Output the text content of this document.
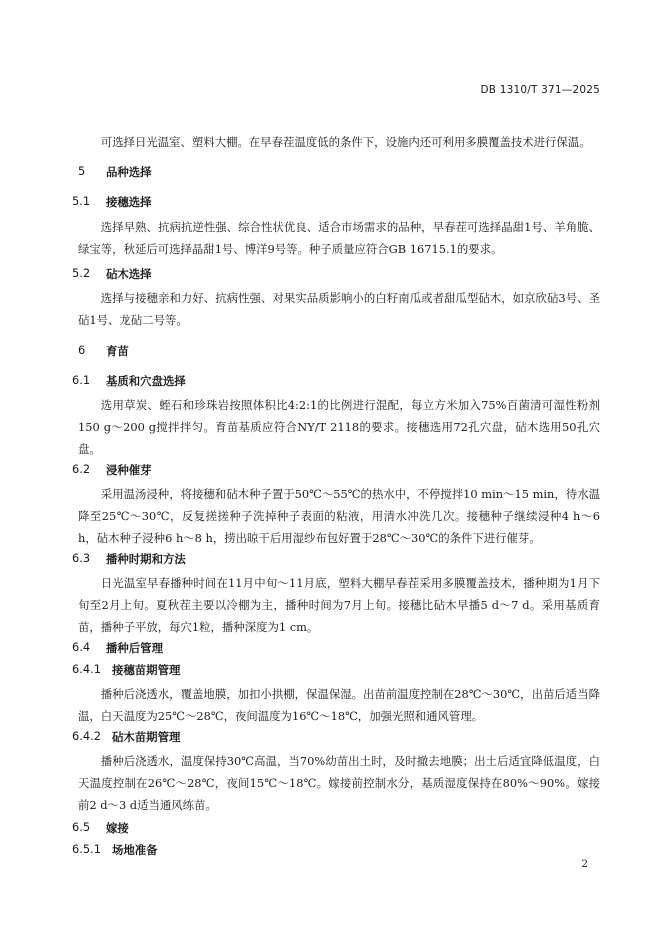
DB 1310/T 371—2025

可选择日光温室、塑料大棚。在早春茬温度低的条件下，设施内还可利用多膜覆盖技术进行保温。

5	品种选择
5.1	接穗选择

选择早熟、抗病抗逆性强、综合性状优良、适合市场需求的品种，早春茬可选择晶甜1号、羊角脆、绿宝等，秋延后可选择晶甜1号、博洋9号等。种子质量应符合GB 16715.1的要求。

5.2	砧木选择

选择与接穗亲和力好、抗病性强、对果实品质影响小的白籽南瓜或者甜瓜型砧木，如京欣砧3号、圣砧1号、龙砧二号等。

6	育苗
6.1	基质和穴盘选择

选用草炭、蛭石和珍珠岩按照体积比4:2:1的比例进行混配，每立方米加入75%百菌清可湿性粉剂150 g～200 g搅拌拌匀。育苗基质应符合NY/T 2118的要求。接穗选用72孔穴盘，砧木选用50孔穴盘。

6.2	浸种催芽

采用温汤浸种，将接穗和砧木种子置于50℃～55℃的热水中，不停搅拌10 min～15 min，待水温降至25℃～30℃，反复搓搓种子洗掉种子表面的粘液，用清水冲洗几次。接穗种子继续浸种4 h～6 h，砧木种子浸种6 h～8 h，捞出晾干后用湿纱布包好置于28℃～30℃的条件下进行催芽。

6.3	播种时期和方法

日光温室早春播种时间在11月中旬～11月底，塑料大棚早春茬采用多膜覆盖技术，播种期为1月下旬至2月上旬。夏秋茬主要以冷棚为主，播种时间为7月上旬。接穗比砧木早播5 d～7 d。采用基质育苗，播种子平放，每穴1粒，播种深度为1 cm。

6.4	播种后管理
6.4.1 接穗苗期管理

播种后浇透水，覆盖地膜，加扣小拱棚，保温保湿。出苗前温度控制在28℃～30℃，出苗后适当降温，白天温度为25℃～28℃，夜间温度为16℃～18℃，加强光照和通风管理。

6.4.2 砧木苗期管理

播种后浇透水，温度保持30℃高温，当70%幼苗出土时，及时撤去地膜；出土后适宜降低温度，白天温度控制在26℃～28℃，夜间15℃～18℃。嫁接前控制水分，基质湿度保持在80%～90%。嫁接前2 d～3 d适当通风练苗。

6.5	嫁接
6.5.1 场地准备
2
